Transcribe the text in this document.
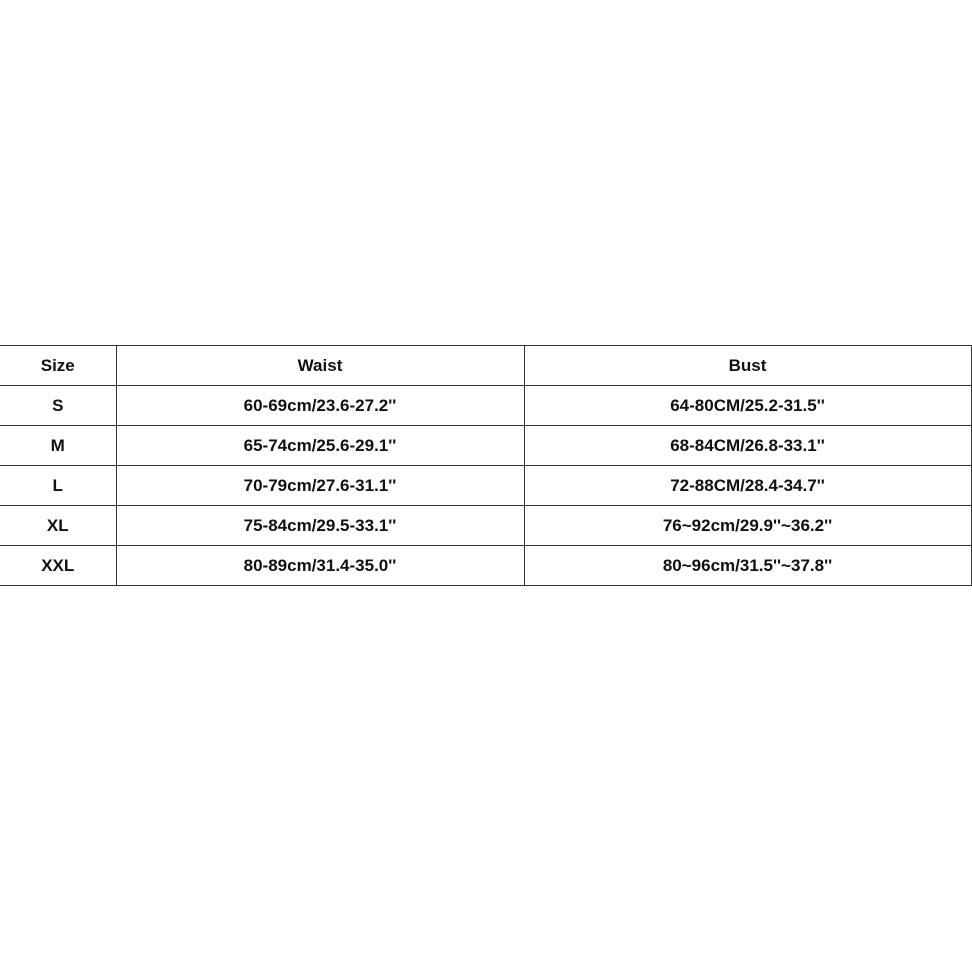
Size	Waist	Bust
S	60-69cm/23.6-27.2''	64-80CM/25.2-31.5''
M	65-74cm/25.6-29.1''	68-84CM/26.8-33.1''
L	70-79cm/27.6-31.1''	72-88CM/28.4-34.7''
XL	75-84cm/29.5-33.1''	76~92cm/29.9''~36.2''
XXL	80-89cm/31.4-35.0''	80~96cm/31.5''~37.8''
